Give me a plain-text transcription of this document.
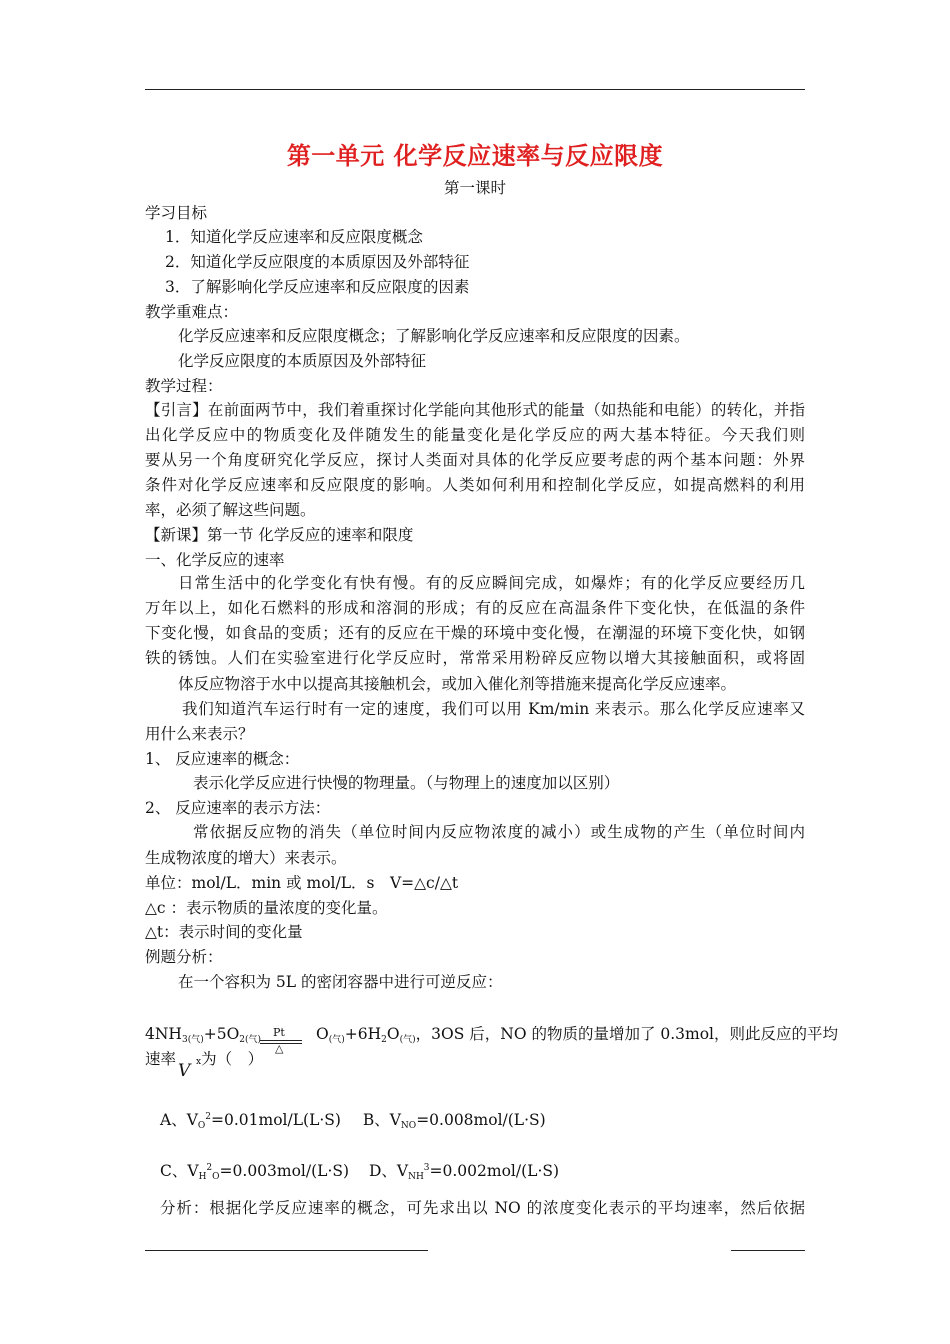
第一单元 化学反应速率与反应限度
第一课时
学习目标
1．知道化学反应速率和反应限度概念
2．知道化学反应限度的本质原因及外部特征
3．了解影响化学反应速率和反应限度的因素
教学重难点：
化学反应速率和反应限度概念；了解影响化学反应速率和反应限度的因素。
化学反应限度的本质原因及外部特征
教学过程：
【引言】在前面两节中，我们着重探讨化学能向其他形式的能量（如热能和电能）的转化，并指
出化学反应中的物质变化及伴随发生的能量变化是化学反应的两大基本特征。今天我们则
要从另一个角度研究化学反应，探讨人类面对具体的化学反应要考虑的两个基本问题：外界
条件对化学反应速率和反应限度的影响。人类如何利用和控制化学反应，如提高燃料的利用
率，必须了解这些问题。
【新课】第一节 化学反应的速率和限度
一、化学反应的速率
日常生活中的化学变化有快有慢。有的反应瞬间完成，如爆炸；有的化学反应要经历几
万年以上，如化石燃料的形成和溶洞的形成；有的反应在高温条件下变化快，在低温的条件
下变化慢，如食品的变质；还有的反应在干燥的环境中变化慢，在潮湿的环境下变化快，如钢
铁的锈蚀。人们在实验室进行化学反应时，常常采用粉碎反应物以增大其接触面积，或将固
体反应物溶于水中以提高其接触机会，或加入催化剂等措施来提高化学反应速率。
我们知道汽车运行时有一定的速度，我们可以用 Km/min 来表示。那么化学反应速率又
用什么来表示？
1、 反应速率的概念：
表示化学反应进行快慢的物理量。（与物理上的速度加以区别）
2、 反应速率的表示方法：
常依据反应物的消失（单位时间内反应物浓度的减小）或生成物的产生（单位时间内
生成物浓度的增大）来表示。
单位：mol/L．min 或 mol/L．s　V=△c/△t
△c ：表示物质的量浓度的变化量。
△t：表示时间的变化量
例题分析：
在一个容积为 5L 的密闭容器中进行可逆反应：
$4NH_{3(气)}+5O_{2(气)}$	$O_{(气)}+6H_2O_{(气)}$，3OS 后，NO 的物质的量增加了 0.3mol，则此反应的平均
Pt
△
速率 x为（　）
V
A、$V_O^2=0.01mol/L(L\cdot S)$ B、$V_{NO}=0.008mol/(L\cdot S)$
C、$V_H^2_O=0.003mol/(L\cdot S)$ D、$V_{NH}^3=0.002mol/(L\cdot S)$
分析：根据化学反应速率的概念，可先求出以 NO 的浓度变化表示的平均速率，然后依据
